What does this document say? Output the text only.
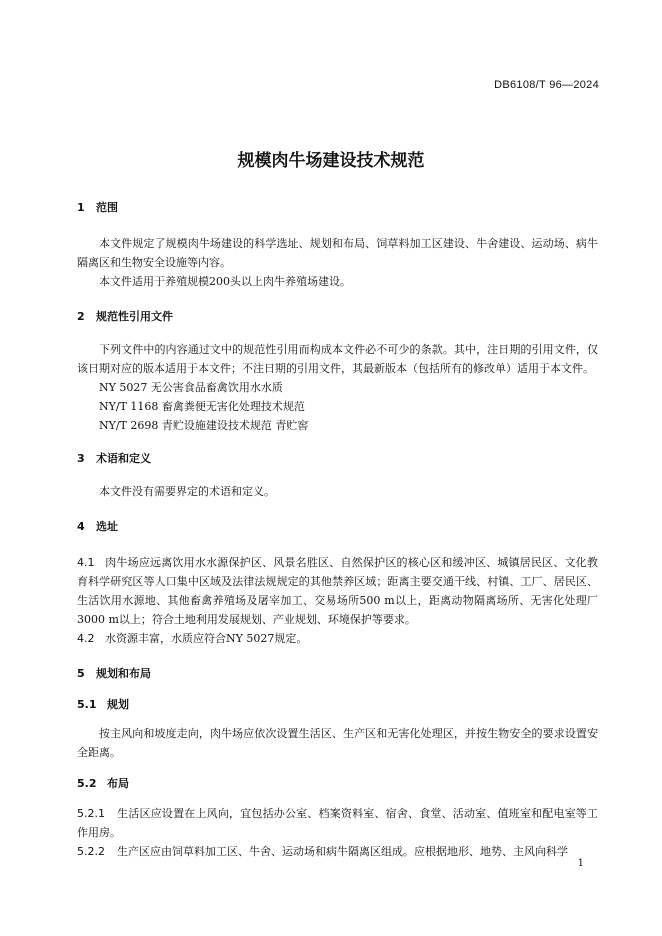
DB6108/T 96—2024
规模肉牛场建设技术规范
1 范围

本文件规定了规模肉牛场建设的科学选址、规划和布局、饲草料加工区建设、牛舍建设、运动场、病牛隔离区和生物安全设施等内容。

本文件适用于养殖规模200头以上肉牛养殖场建设。

2 规范性引用文件

下列文件中的内容通过文中的规范性引用而构成本文件必不可少的条款。其中，注日期的引用文件，仅该日期对应的版本适用于本文件；不注日期的引用文件，其最新版本（包括所有的修改单）适用于本文件。

NY 5027 无公害食品畜禽饮用水水质

NY/T 1168 畜禽粪便无害化处理技术规范

NY/T 2698 青贮设施建设技术规范 青贮窖

3 术语和定义

本文件没有需要界定的术语和定义。

4 选址

4.1 肉牛场应远离饮用水水源保护区、风景名胜区、自然保护区的核心区和缓冲区、城镇居民区、文化教育科学研究区等人口集中区域及法律法规规定的其他禁养区域；距离主要交通干线、村镇、工厂、居民区、生活饮用水源地、其他畜禽养殖场及屠宰加工、交易场所500 m以上，距离动物隔离场所、无害化处理厂3000 m以上；符合土地利用发展规划、产业规划、环境保护等要求。

4.2 水资源丰富，水质应符合NY 5027规定。

5 规划和布局
5.1 规划

按主风向和坡度走向，肉牛场应依次设置生活区、生产区和无害化处理区，并按生物安全的要求设置安全距离。

5.2 布局

5.2.1 生活区应设置在上风向，宜包括办公室、档案资料室、宿舍、食堂、活动室、值班室和配电室等工作用房。

5.2.2 生产区应由饲草料加工区、牛舍、运动场和病牛隔离区组成。应根据地形、地势、主风向科学

1
